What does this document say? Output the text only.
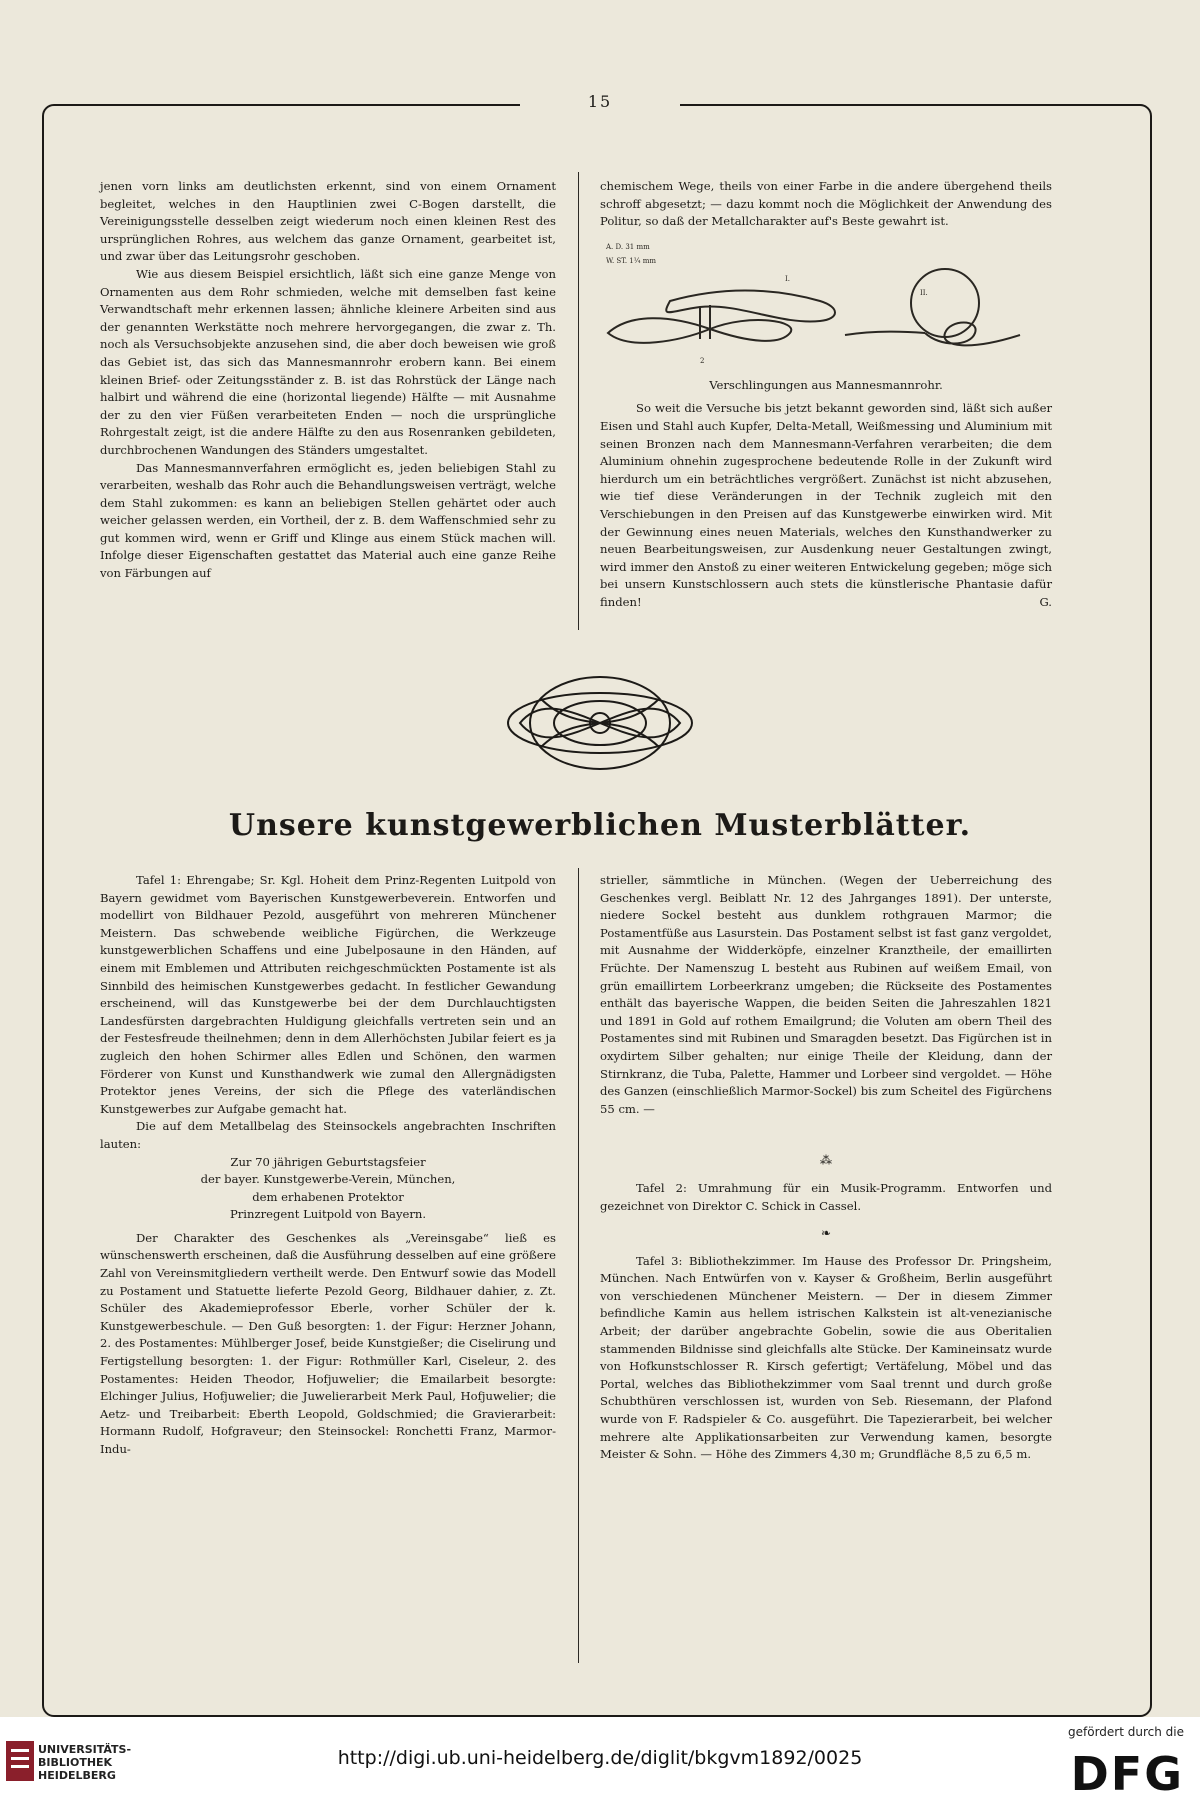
15

jenen vorn links am deutlichsten erkennt, sind von einem Ornament begleitet, welches in den Hauptlinien zwei C-Bogen darstellt, die Vereinigungsstelle desselben zeigt wiederum noch einen kleinen Rest des ursprünglichen Rohres, aus welchem das ganze Ornament, gearbeitet ist, und zwar über das Leitungsrohr geschoben.

Wie aus diesem Beispiel ersichtlich, läßt sich eine ganze Menge von Ornamenten aus dem Rohr schmieden, welche mit demselben fast keine Verwandtschaft mehr erkennen lassen; ähnliche kleinere Arbeiten sind aus der genannten Werkstätte noch mehrere hervorgegangen, die zwar z. Th. noch als Versuchsobjekte anzusehen sind, die aber doch beweisen wie groß das Gebiet ist, das sich das Mannesmannrohr erobern kann. Bei einem kleinen Brief- oder Zeitungsständer z. B. ist das Rohrstück der Länge nach halbirt und während die eine (horizontal liegende) Hälfte — mit Ausnahme der zu den vier Füßen verarbeiteten Enden — noch die ursprüngliche Rohrgestalt zeigt, ist die andere Hälfte zu den aus Rosenranken gebildeten, durchbrochenen Wandungen des Ständers umgestaltet.

Das Mannesmannverfahren ermöglicht es, jeden beliebigen Stahl zu verarbeiten, weshalb das Rohr auch die Behandlungsweisen verträgt, welche dem Stahl zukommen: es kann an beliebigen Stellen gehärtet oder auch weicher gelassen werden, ein Vortheil, der z. B. dem Waffenschmied sehr zu gut kommen wird, wenn er Griff und Klinge aus einem Stück machen will. Infolge dieser Eigenschaften gestattet das Material auch eine ganze Reihe von Färbungen auf

chemischem Wege, theils von einer Farbe in die andere übergehend theils schroff abgesetzt; — dazu kommt noch die Möglichkeit der Anwendung des Politur, so daß der Metallcharakter auf's Beste gewahrt ist.

A. D. 31 mm
W. ST. 1¼ mm
I.
II.
2
Verschlingungen aus Mannesmannrohr.

So weit die Versuche bis jetzt bekannt geworden sind, läßt sich außer Eisen und Stahl auch Kupfer, Delta-Metall, Weißmessing und Aluminium mit seinen Bronzen nach dem Mannesmann-Verfahren verarbeiten; die dem Aluminium ohnehin zugesprochene bedeutende Rolle in der Zukunft wird hierdurch um ein beträchtliches vergrößert. Zunächst ist nicht abzusehen, wie tief diese Veränderungen in der Technik zugleich mit den Verschiebungen in den Preisen auf das Kunstgewerbe einwirken wird. Mit der Gewinnung eines neuen Materials, welches den Kunsthandwerker zu neuen Bearbeitungsweisen, zur Ausdenkung neuer Gestaltungen zwingt, wird immer den Anstoß zu einer weiteren Entwickelung gegeben; möge sich bei unsern Kunstschlossern auch stets die künstlerische Phantasie dafür finden!	G.

Unsere kunstgewerblichen Musterblätter.

Tafel 1: Ehrengabe; Sr. Kgl. Hoheit dem Prinz-Regenten Luitpold von Bayern gewidmet vom Bayerischen Kunstgewerbeverein. Entworfen und modellirt von Bildhauer Pezold, ausgeführt von mehreren Münchener Meistern. Das schwebende weibliche Figürchen, die Werkzeuge kunstgewerblichen Schaffens und eine Jubelposaune in den Händen, auf einem mit Emblemen und Attributen reichgeschmückten Postamente ist als Sinnbild des heimischen Kunstgewerbes gedacht. In festlicher Gewandung erscheinend, will das Kunstgewerbe bei der dem Durchlauchtigsten Landesfürsten dargebrachten Huldigung gleichfalls vertreten sein und an der Festesfreude theilnehmen; denn in dem Allerhöchsten Jubilar feiert es ja zugleich den hohen Schirmer alles Edlen und Schönen, den warmen Förderer von Kunst und Kunsthandwerk wie zumal den Allergnädigsten Protektor jenes Vereins, der sich die Pflege des vaterländischen Kunstgewerbes zur Aufgabe gemacht hat.

Die auf dem Metallbelag des Steinsockels angebrachten Inschriften lauten:

Zur 70 jährigen Geburtstagsfeier
der bayer. Kunstgewerbe-Verein, München,
dem erhabenen Protektor
Prinzregent Luitpold von Bayern.

Der Charakter des Geschenkes als „Vereinsgabe“ ließ es wünschenswerth erscheinen, daß die Ausführung desselben auf eine größere Zahl von Vereinsmitgliedern vertheilt werde. Den Entwurf sowie das Modell zu Postament und Statuette lieferte Pezold Georg, Bildhauer dahier, z. Zt. Schüler des Akademieprofessor Eberle, vorher Schüler der k. Kunstgewerbeschule. — Den Guß besorgten: 1. der Figur: Herzner Johann, 2. des Postamentes: Mühlberger Josef, beide Kunstgießer; die Ciselirung und Fertigstellung besorgten: 1. der Figur: Rothmüller Karl, Ciseleur, 2. des Postamentes: Heiden Theodor, Hofjuwelier; die Emailarbeit besorgte: Elchinger Julius, Hofjuwelier; die Juwelierarbeit Merk Paul, Hofjuwelier; die Aetz- und Treibarbeit: Eberth Leopold, Goldschmied; die Gravierarbeit: Hormann Rudolf, Hofgraveur; den Steinsockel: Ronchetti Franz, Marmor-Indu-

strieller, sämmtliche in München. (Wegen der Ueberreichung des Geschenkes vergl. Beiblatt Nr. 12 des Jahrganges 1891). Der unterste, niedere Sockel besteht aus dunklem rothgrauen Marmor; die Postamentfüße aus Lasurstein. Das Postament selbst ist fast ganz vergoldet, mit Ausnahme der Widderköpfe, einzelner Kranztheile, der emaillirten Früchte. Der Namenszug L besteht aus Rubinen auf weißem Email, von grün emaillirtem Lorbeerkranz umgeben; die Rückseite des Postamentes enthält das bayerische Wappen, die beiden Seiten die Jahreszahlen 1821 und 1891 in Gold auf rothem Emailgrund; die Voluten am obern Theil des Postamentes sind mit Rubinen und Smaragden besetzt. Das Figürchen ist in oxydirtem Silber gehalten; nur einige Theile der Kleidung, dann der Stirnkranz, die Tuba, Palette, Hammer und Lorbeer sind vergoldet. — Höhe des Ganzen (einschließlich Marmor-Sockel) bis zum Scheitel des Figürchens 55 cm. —

⁂

Tafel 2: Umrahmung für ein Musik-Programm. Entworfen und gezeichnet von Direktor C. Schick in Cassel.

❧

Tafel 3: Bibliothekzimmer. Im Hause des Professor Dr. Pringsheim, München. Nach Entwürfen von v. Kayser & Großheim, Berlin ausgeführt von verschiedenen Münchener Meistern. — Der in diesem Zimmer befindliche Kamin aus hellem istrischen Kalkstein ist alt-venezianische Arbeit; der darüber angebrachte Gobelin, sowie die aus Oberitalien stammenden Bildnisse sind gleichfalls alte Stücke. Der Kamineinsatz wurde von Hofkunstschlosser R. Kirsch gefertigt; Vertäfelung, Möbel und das Portal, welches das Bibliothekzimmer vom Saal trennt und durch große Schubthüren verschlossen ist, wurden von Seb. Riesemann, der Plafond wurde von F. Radspieler & Co. ausgeführt. Die Tapezierarbeit, bei welcher mehrere alte Applikationsarbeiten zur Verwendung kamen, besorgte Meister & Sohn. — Höhe des Zimmers 4,30 m; Grundfläche 8,5 zu 6,5 m.

UNIVERSITÄTS-
BIBLIOTHEK
HEIDELBERG
http://digi.ub.uni-heidelberg.de/diglit/bkgvm1892/0025
gefördert durch die
DFG
